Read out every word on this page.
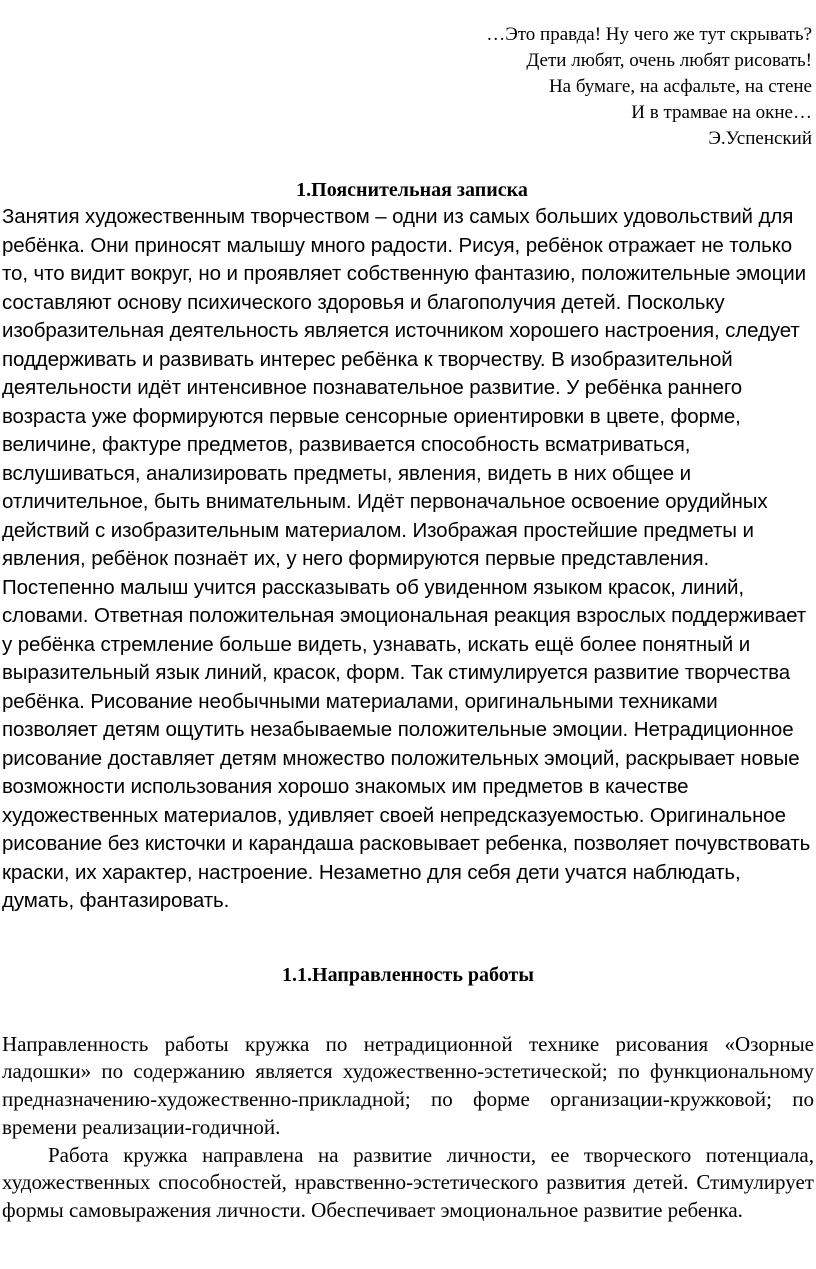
…Это правда! Ну чего же тут скрывать?
Дети любят, очень любят рисовать!
На бумаге, на асфальте, на стене
И в трамвае на окне…
Э.Успенский
1.Пояснительная записка

Занятия художественным творчеством – одни из самых больших удовольствий для ребёнка. Они приносят малышу много радости. Рисуя, ребёнок отражает не только то, что видит вокруг, но и проявляет собственную фантазию, положительные эмоции составляют основу психического здоровья и благополучия детей. Поскольку изобразительная деятельность является источником хорошего настроения, следует поддерживать и развивать интерес ребёнка к творчеству. В изобразительной деятельности идёт интенсивное познавательное развитие. У ребёнка раннего возраста уже формируются первые сенсорные ориентировки в цвете, форме, величине, фактуре предметов, развивается способность всматриваться, вслушиваться, анализировать предметы, явления, видеть в них общее и отличительное, быть внимательным. Идёт первоначальное освоение орудийных действий с изобразительным материалом. Изображая простейшие предметы и явления, ребёнок познаёт их, у него формируются первые представления. Постепенно малыш учится рассказывать об увиденном языком красок, линий, словами. Ответная положительная эмоциональная реакция взрослых поддерживает у ребёнка стремление больше видеть, узнавать, искать ещё более понятный и выразительный язык линий, красок, форм. Так стимулируется развитие творчества ребёнка. Рисование необычными материалами, оригинальными техниками позволяет детям ощутить незабываемые положительные эмоции. Нетрадиционное рисование доставляет детям множество положительных эмоций, раскрывает новые возможности использования хорошо знакомых им предметов в качестве художественных материалов, удивляет своей непредсказуемостью. Оригинальное рисование без кисточки и карандаша расковывает ребенка, позволяет почувствовать краски, их характер, настроение. Незаметно для себя дети учатся наблюдать, думать, фантазировать.

1.1.Направленность работы

Направленность работы кружка по нетрадиционной технике рисования «Озорные ладошки» по содержанию является художественно-эстетической; по функциональному предназначению-художественно-прикладной; по форме организации-кружковой; по времени реализации-годичной.

Работа кружка направлена на развитие личности, ее творческого потенциала, художественных способностей, нравственно-эстетического развития детей. Стимулирует формы самовыражения личности. Обеспечивает эмоциональное развитие ребенка.
